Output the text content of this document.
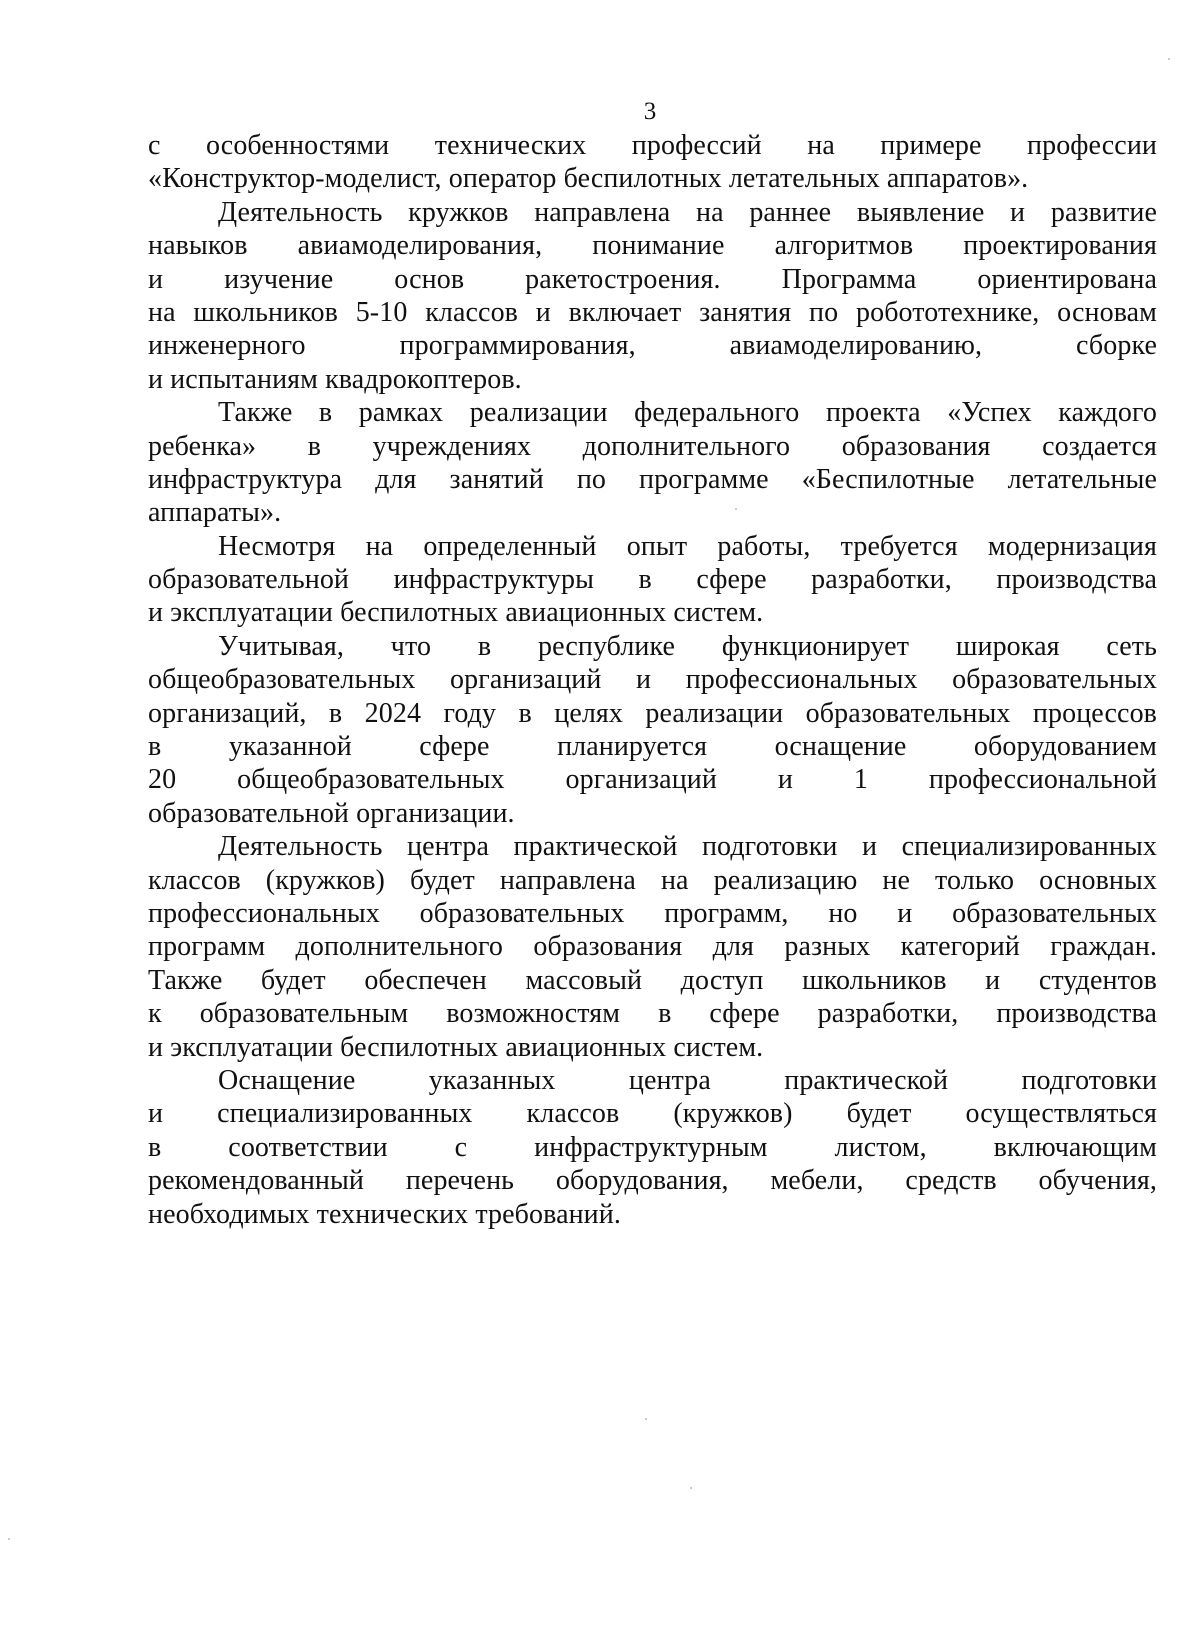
3
с особенностями технических профессий на примере профессии
«Конструктор-моделист, оператор беспилотных летательных аппаратов».
Деятельность кружков направлена на раннее выявление и развитие
навыков авиамоделирования, понимание алгоритмов проектирования
и изучение основ ракетостроения. Программа ориентирована
на школьников 5-10 классов и включает занятия по робототехнике, основам
инженерного программирования, авиамоделированию, сборке
и испытаниям квадрокоптеров.
Также в рамках реализации федерального проекта «Успех каждого
ребенка» в учреждениях дополнительного образования создается
инфраструктура для занятий по программе «Беспилотные летательные
аппараты».
Несмотря на определенный опыт работы, требуется модернизация
образовательной инфраструктуры в сфере разработки, производства
и эксплуатации беспилотных авиационных систем.
Учитывая, что в республике функционирует широкая сеть
общеобразовательных организаций и профессиональных образовательных
организаций, в 2024 году в целях реализации образовательных процессов
в указанной сфере планируется оснащение оборудованием
20 общеобразовательных организаций и 1 профессиональной
образовательной организации.
Деятельность центра практической подготовки и специализированных
классов (кружков) будет направлена на реализацию не только основных
профессиональных образовательных программ, но и образовательных
программ дополнительного образования для разных категорий граждан.
Также будет обеспечен массовый доступ школьников и студентов
к образовательным возможностям в сфере разработки, производства
и эксплуатации беспилотных авиационных систем.
Оснащение указанных центра практической подготовки
и специализированных классов (кружков) будет осуществляться
в соответствии с инфраструктурным листом, включающим
рекомендованный перечень оборудования, мебели, средств обучения,
необходимых технических требований.
